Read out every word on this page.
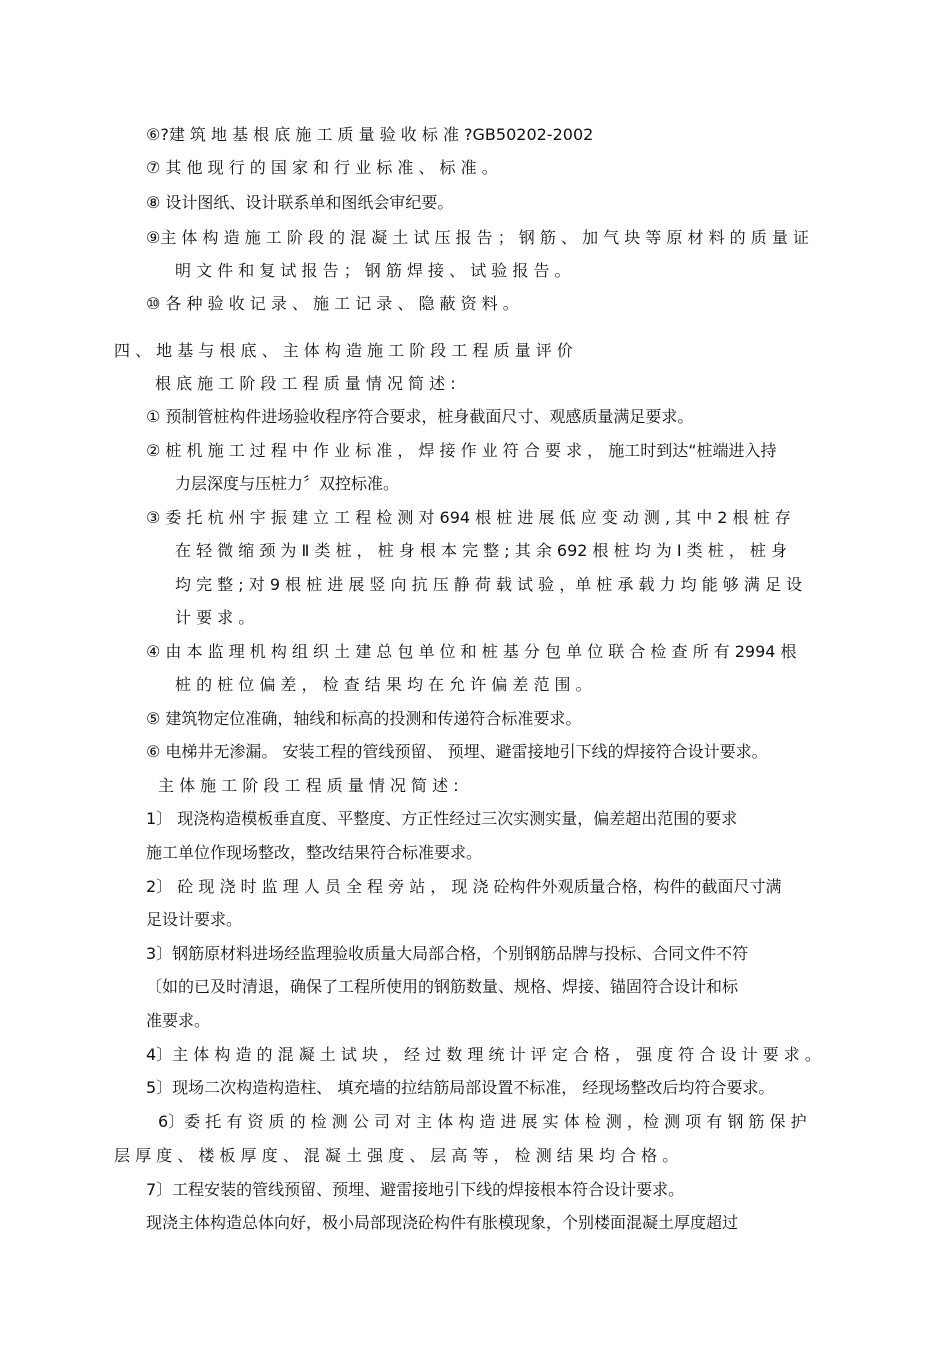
⑥?建 筑 地 基 根 底 施 工 质 量 验 收 标 准 ?GB50202-2002
⑦ 其 他 现 行 的 国 家 和 行 业 标 准 、 标 准 。
⑧ 设计图纸、设计联系单和图纸会审纪要。
⑨主 体 构 造 施 工 阶 段 的 混 凝 土 试 压 报 告 ； 钢 筋 、 加 气 块 等 原 材 料 的 质 量 证
明 文 件 和 复 试 报 告 ； 钢 筋 焊 接 、 试 验 报 告 。
⑩ 各 种 验 收 记 录 、 施 工 记 录 、 隐 蔽 资 料 。
四 、 地 基 与 根 底 、 主 体 构 造 施 工 阶 段 工 程 质 量 评 价
根 底 施 工 阶 段 工 程 质 量 情 况 简 述 :
① 预制管桩构件进场验收程序符合要求，桩身截面尺寸、观感质量满足要求。
② 桩 机 施 工 过 程 中 作 业 标 准 ， 焊 接 作 业 符 合 要 求 ， 施工时到达“桩端进入持
力层深度与压桩力〞双控标准。
③ 委 托 杭 州 宇 振 建 立 工 程 检 测 对 694 根 桩 进 展 低 应 变 动 测 , 其 中 2 根 桩 存
在 轻 微 缩 颈 为 Ⅱ 类 桩 ， 桩 身 根 本 完 整 ; 其 余 692 根 桩 均 为 Ⅰ 类 桩 ， 桩 身
均 完 整 ; 对 9 根 桩 进 展 竖 向 抗 压 静 荷 载 试 验 ，单 桩 承 载 力 均 能 够 满 足 设
计 要 求 。
④ 由 本 监 理 机 构 组 织 土 建 总 包 单 位 和 桩 基 分 包 单 位 联 合 检 查 所 有 2994 根
桩 的 桩 位 偏 差 ， 检 查 结 果 均 在 允 许 偏 差 范 围 。
⑤ 建筑物定位准确，轴线和标高的投测和传递符合标准要求。
⑥ 电梯井无渗漏。 安装工程的管线预留、 预埋、避雷接地引下线的焊接符合设计要求。
主 体 施 工 阶 段 工 程 质 量 情 况 简 述 :
1〕 现浇构造模板垂直度、平整度、方正性经过三次实测实量，偏差超出范围的要求
施工单位作现场整改，整改结果符合标准要求。
2〕 砼 现 浇 时 监 理 人 员 全 程 旁 站 ， 现 浇 砼构件外观质量合格，构件的截面尺寸满
足设计要求。
3〕钢筋原材料进场经监理验收质量大局部合格，个别钢筋品牌与投标、合同文件不符
〔如的已及时清退，确保了工程所使用的钢筋数量、规格、焊接、锚固符合设计和标
准要求。
4〕主 体 构 造 的 混 凝 土 试 块 ， 经 过 数 理 统 计 评 定 合 格 ， 强 度 符 合 设 计 要 求 。
5〕现场二次构造构造柱、 填充墙的拉结筋局部设置不标准， 经现场整改后均符合要求。
6〕委 托 有 资 质 的 检 测 公 司 对 主 体 构 造 进 展 实 体 检 测 ，检 测 项 有 钢 筋 保 护
层 厚 度 、 楼 板 厚 度 、 混 凝 土 强 度 、 层 高 等 ， 检 测 结 果 均 合 格 。
7〕工程安装的管线预留、预埋、避雷接地引下线的焊接根本符合设计要求。
现浇主体构造总体向好，极小局部现浇砼构件有胀模现象，个别楼面混凝土厚度超过
